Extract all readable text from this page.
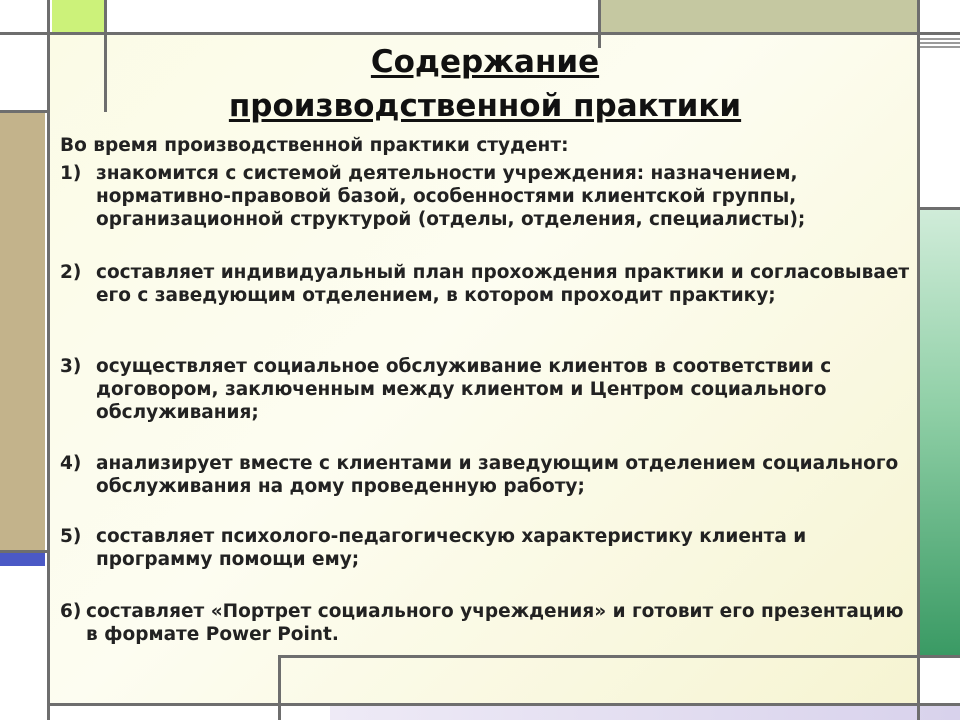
Содержание
производственной практики

Во время производственной практики студент:

1) знакомится с системой деятельности учреждения: назначением, нормативно-правовой базой, особенностями клиентской группы, организационной структурой (отделы, отделения, специалисты);
2) составляет индивидуальный план прохождения практики и согласовывает его с заведующим отделением, в котором проходит практику;
3) осуществляет социальное обслуживание клиентов в соответствии с договором, заключенным между клиентом и Центром социального обслуживания;
4) анализирует вместе с клиентами и заведующим отделением социального обслуживания на дому проведенную работу;
5) составляет психолого-педагогическую характеристику клиента и программу помощи ему;
6) составляет «Портрет социального учреждения» и готовит его презентацию в формате Power Point.
